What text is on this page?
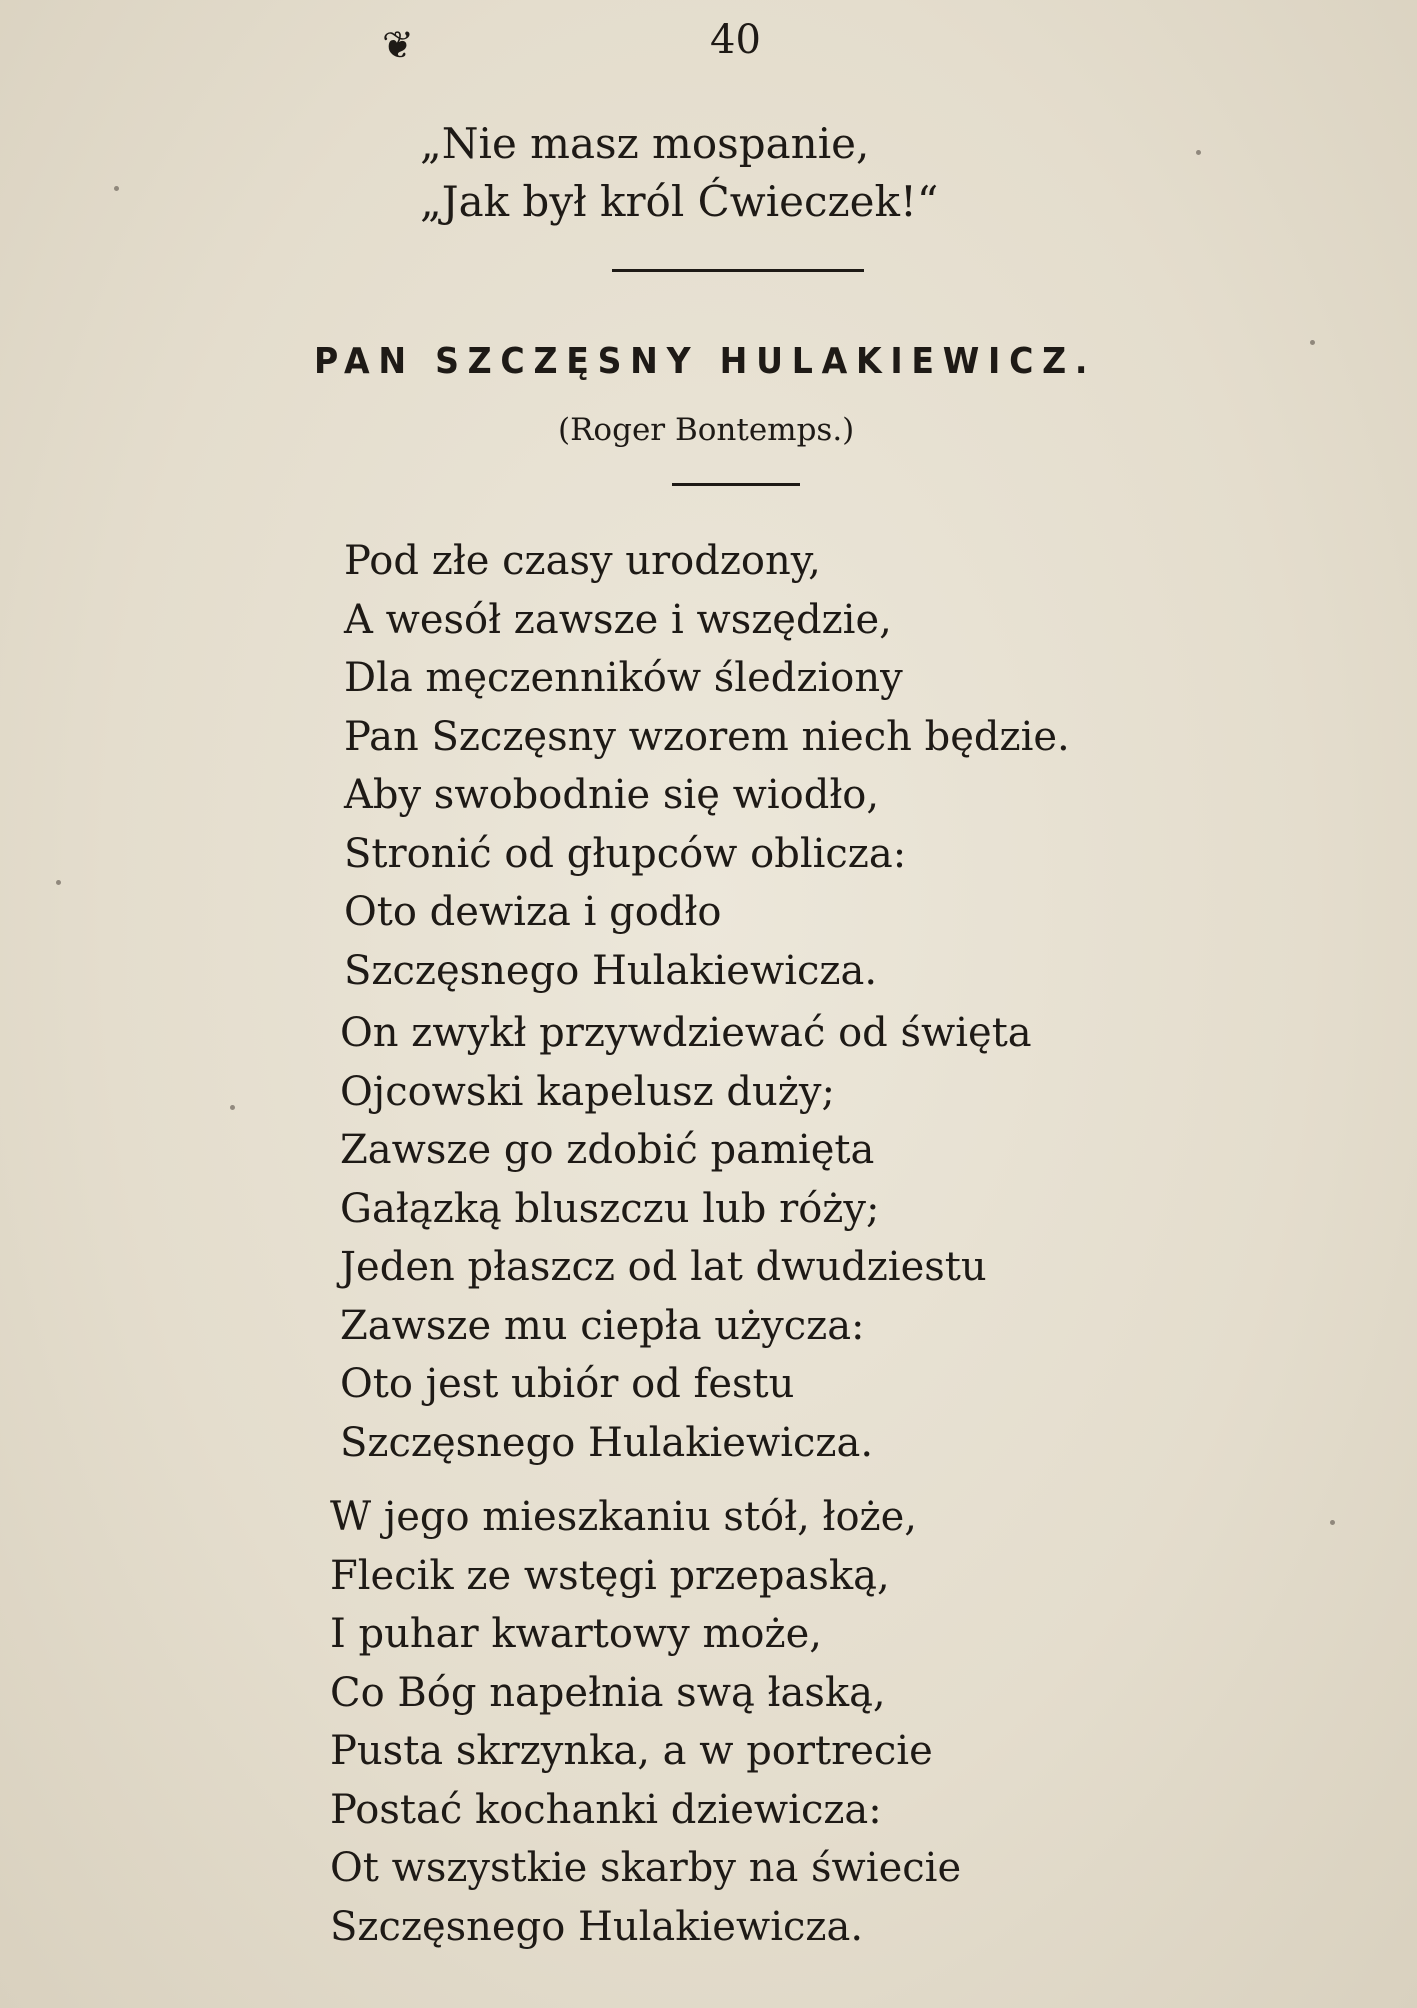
❦	40
„Nie masz mospanie,
„Jak był król Ćwieczek!“
PAN SZCZĘSNY HULAKIEWICZ.
(Roger Bontemps.)
Pod złe czasy urodzony,
A wesół zawsze i wszędzie,
Dla męczenników śledziony
Pan Szczęsny wzorem niech będzie.
Aby swobodnie się wiodło,
Stronić od głupców oblicza:
Oto dewiza i godło
Szczęsnego Hulakiewicza.
On zwykł przywdziewać od święta
Ojcowski kapelusz duży;
Zawsze go zdobić pamięta
Gałązką bluszczu lub róży;
Jeden płaszcz od lat dwudziestu
Zawsze mu ciepła użycza:
Oto jest ubiór od festu
Szczęsnego Hulakiewicza.
W jego mieszkaniu stół, łoże,
Flecik ze wstęgi przepaską,
I puhar kwartowy może,
Co Bóg napełnia swą łaską,
Pusta skrzynka, a w portrecie
Postać kochanki dziewicza:
Ot wszystkie skarby na świecie
Szczęsnego Hulakiewicza.
